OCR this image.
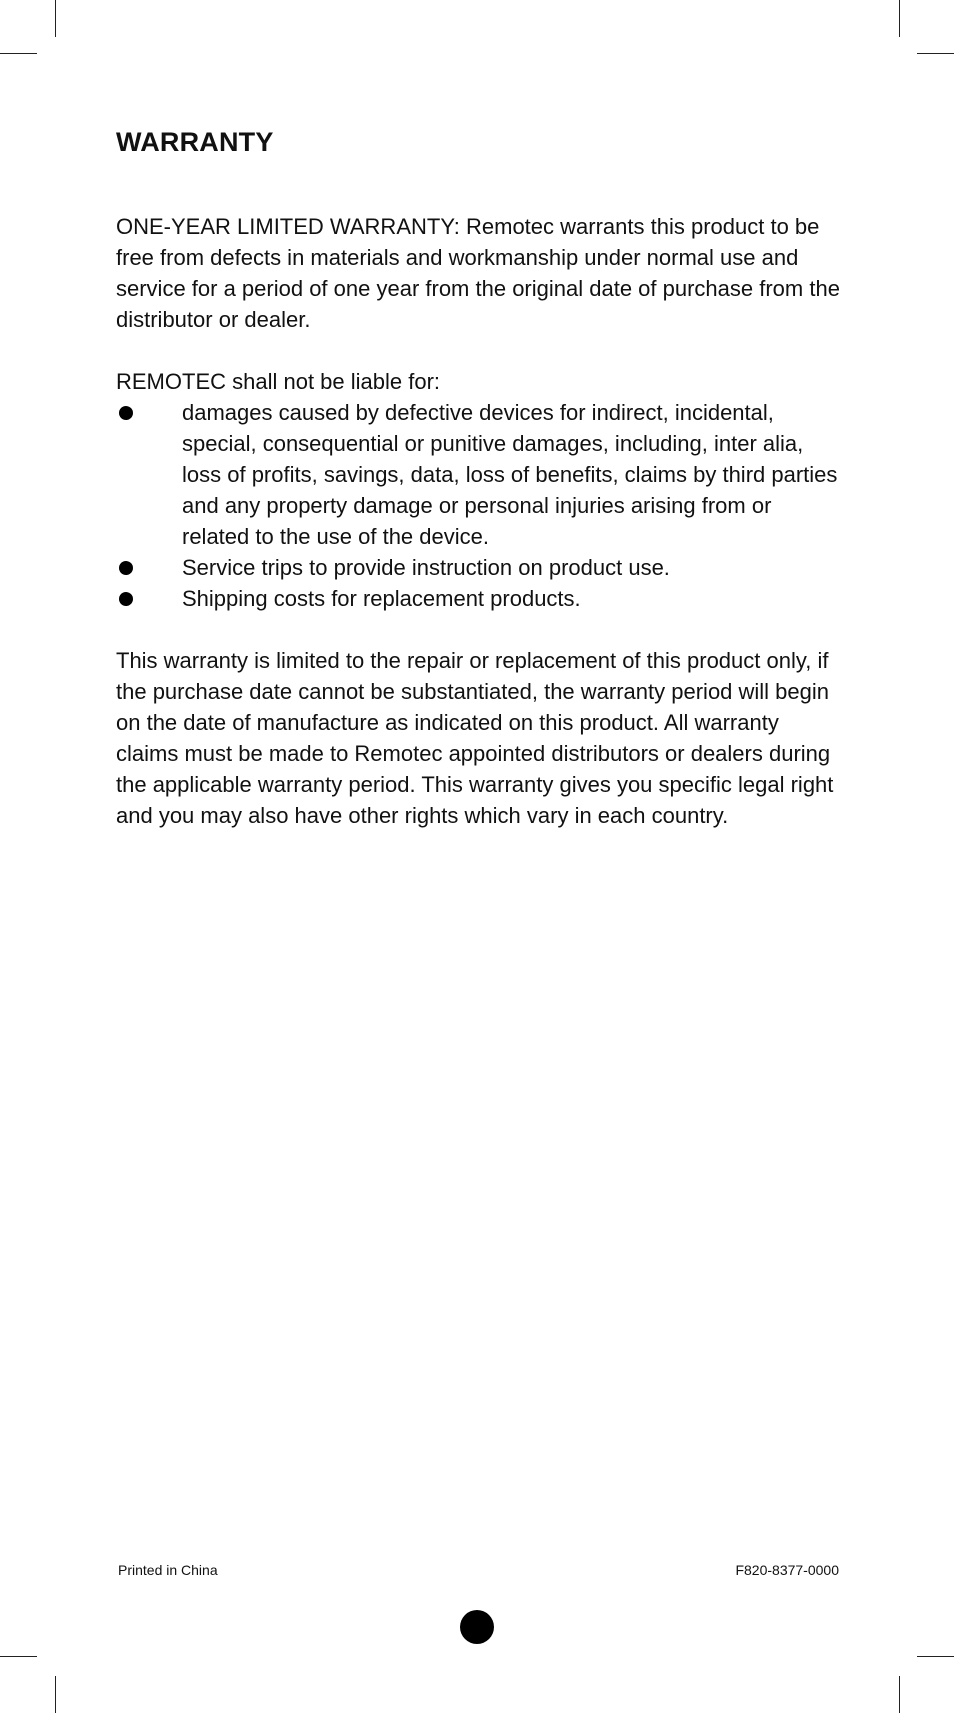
WARRANTY

ONE-YEAR LIMITED WARRANTY: Remotec warrants this product to be free from defects in materials and workmanship under normal use and service for a period of one year from the original date of purchase from the distributor or dealer.

REMOTEC shall not be liable for:

damages caused by defective devices for indirect, incidental, special, consequential or punitive damages, including, inter alia, loss of profits, savings, data, loss of benefits, claims by third parties and any property damage or personal injuries arising from or related to the use of the device.
Service trips to provide instruction on product use.
Shipping costs for replacement products.

This warranty is limited to the repair or replacement of this product only, if the purchase date cannot be substantiated, the warranty period will begin on the date of manufacture as indicated on this product. All warranty claims must be made to Remotec appointed distributors or dealers during the applicable warranty period. This warranty gives you specific legal right and you may also have other rights which vary in each country.

Printed in China	F820-8377-0000
